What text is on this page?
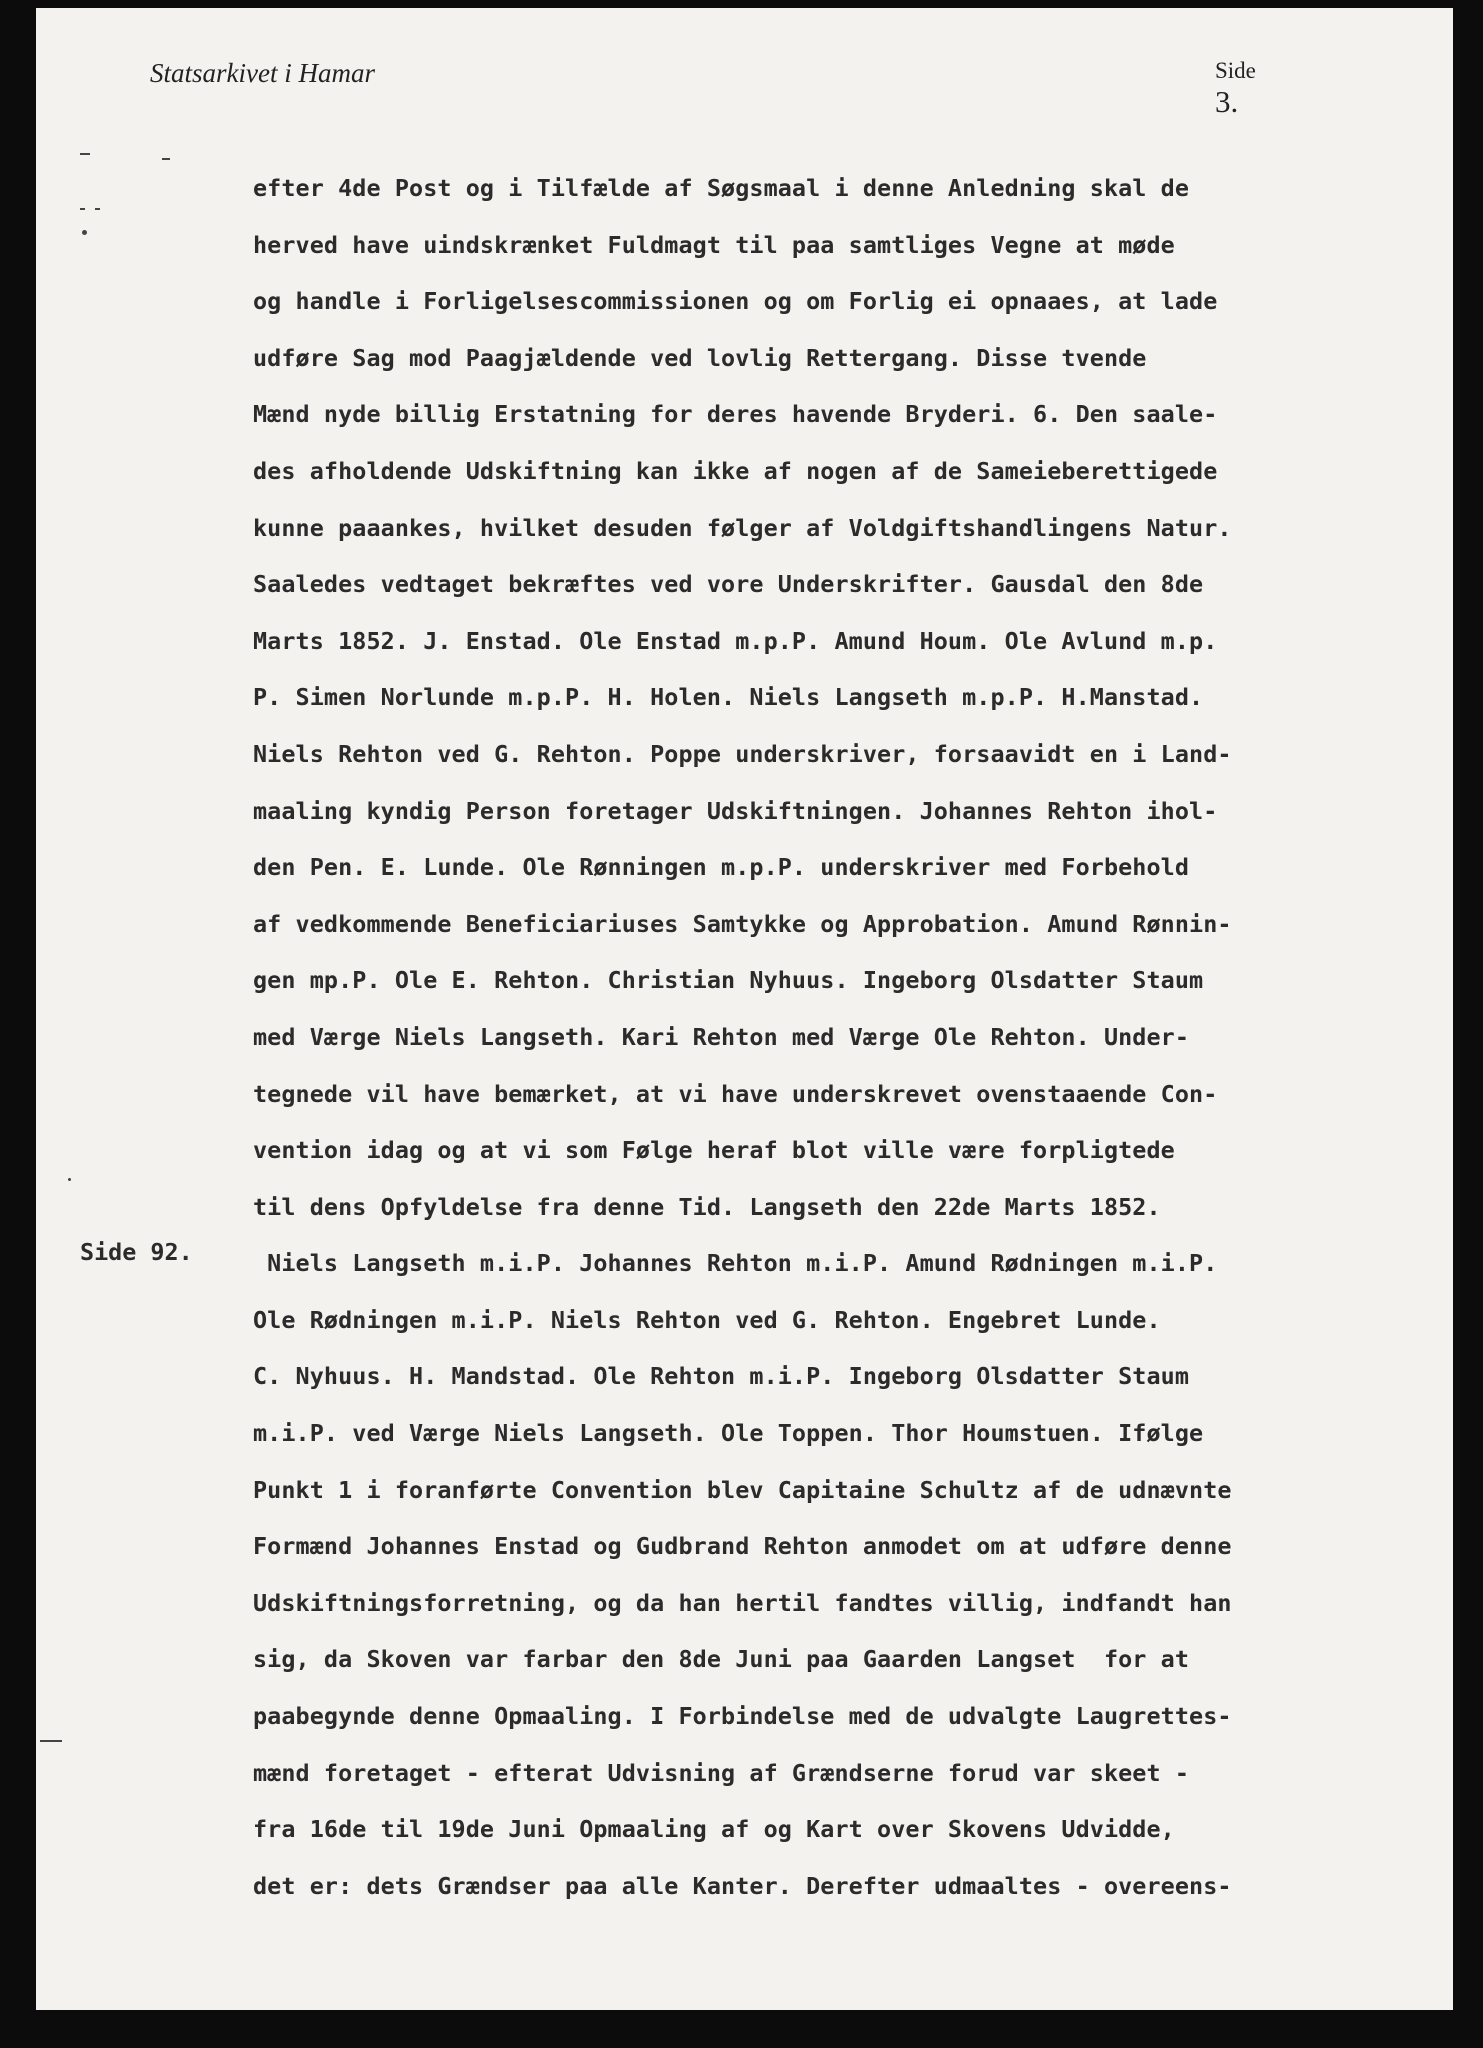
Statsarkivet i Hamar	Side 3.
Side 92.
efter 4de Post og i Tilfælde af Søgsmaal i denne Anledning skal de
herved have uindskrænket Fuldmagt til paa samtliges Vegne at møde
og handle i Forligelsescommissionen og om Forlig ei opnaaes, at lade
udføre Sag mod Paagjældende ved lovlig Rettergang. Disse tvende
Mænd nyde billig Erstatning for deres havende Bryderi. 6. Den saale-
des afholdende Udskiftning kan ikke af nogen af de Sameieberettigede
kunne paaankes, hvilket desuden følger af Voldgiftshandlingens Natur.
Saaledes vedtaget bekræftes ved vore Underskrifter. Gausdal den 8de
Marts 1852. J. Enstad. Ole Enstad m.p.P. Amund Houm. Ole Avlund m.p.
P. Simen Norlunde m.p.P. H. Holen. Niels Langseth m.p.P. H.Manstad.
Niels Rehton ved G. Rehton. Poppe underskriver, forsaavidt en i Land-
maaling kyndig Person foretager Udskiftningen. Johannes Rehton ihol-
den Pen. E. Lunde. Ole Rønningen m.p.P. underskriver med Forbehold
af vedkommende Beneficiariuses Samtykke og Approbation. Amund Rønnin-
gen mp.P. Ole E. Rehton. Christian Nyhuus. Ingeborg Olsdatter Staum
med Værge Niels Langseth. Kari Rehton med Værge Ole Rehton. Under-
tegnede vil have bemærket, at vi have underskrevet ovenstaaende Con-
vention idag og at vi som Følge heraf blot ville være forpligtede
til dens Opfyldelse fra denne Tid. Langseth den 22de Marts 1852.
Niels Langseth m.i.P. Johannes Rehton m.i.P. Amund Rødningen m.i.P.
Ole Rødningen m.i.P. Niels Rehton ved G. Rehton. Engebret Lunde.
C. Nyhuus. H. Mandstad. Ole Rehton m.i.P. Ingeborg Olsdatter Staum
m.i.P. ved Værge Niels Langseth. Ole Toppen. Thor Houmstuen. Ifølge
Punkt 1 i foranførte Convention blev Capitaine Schultz af de udnævnte
Formænd Johannes Enstad og Gudbrand Rehton anmodet om at udføre denne
Udskiftningsforretning, og da han hertil fandtes villig, indfandt han
sig, da Skoven var farbar den 8de Juni paa Gaarden Langset  for at
paabegynde denne Opmaaling. I Forbindelse med de udvalgte Laugrettes-
mænd foretaget - efterat Udvisning af Grændserne forud var skeet -
fra 16de til 19de Juni Opmaaling af og Kart over Skovens Udvidde,
det er: dets Grændser paa alle Kanter. Derefter udmaaltes - overeens-
